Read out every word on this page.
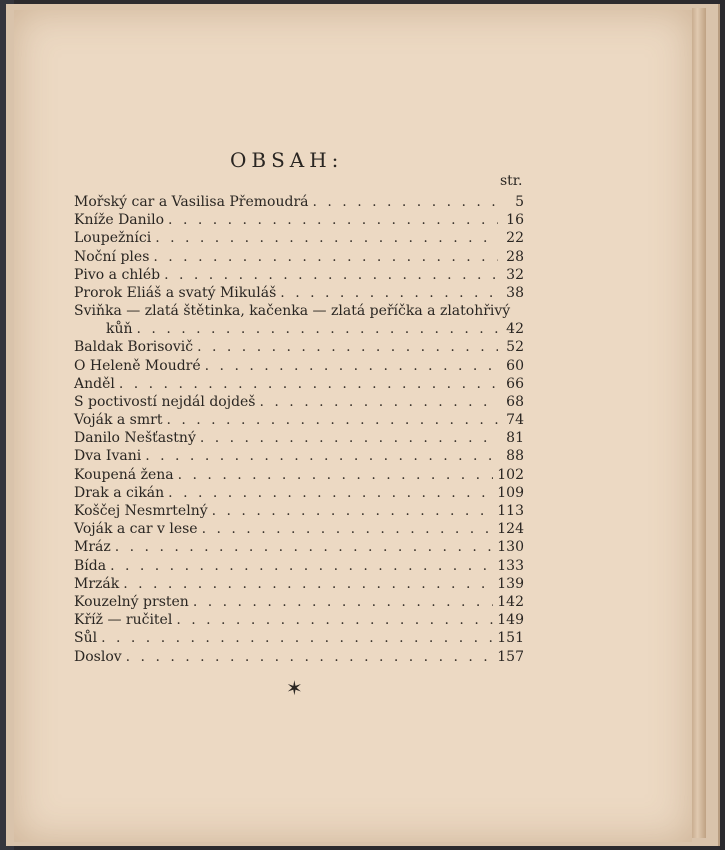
OBSAH:
str.
Mořský car a Vasilisa Přemoudrá . . .	5
Kníže Danilo . . .	16
Loupežníci . . .	22
Noční ples . . .	28
Pivo a chléb . . .	32
Prorok Eliáš a svatý Mikuláš . . .	38
Sviňka — zlatá štětinka, kačenka — zlatá peříčka a zlatohřivý
kůň . . .	42
Baldak Borisovič . . .	52
O Heleně Moudré . . .	60
Anděl . . .	66
S poctivostí nejdál dojdeš . . .	68
Voják a smrt . . .	74
Danilo Nešťastný . . .	81
Dva Ivani . . .	88
Koupená žena . . .	102
Drak a cikán . . .	109
Koščej Nesmrtelný . . .	113
Voják a car v lese . . .	124
Mráz . . .	130
Bída . . .	133
Mrzák . . .	139
Kouzelný prsten . . .	142
Kříž — ručitel . . .	149
Sůl . . .	151
Doslov . . .	157
✶
